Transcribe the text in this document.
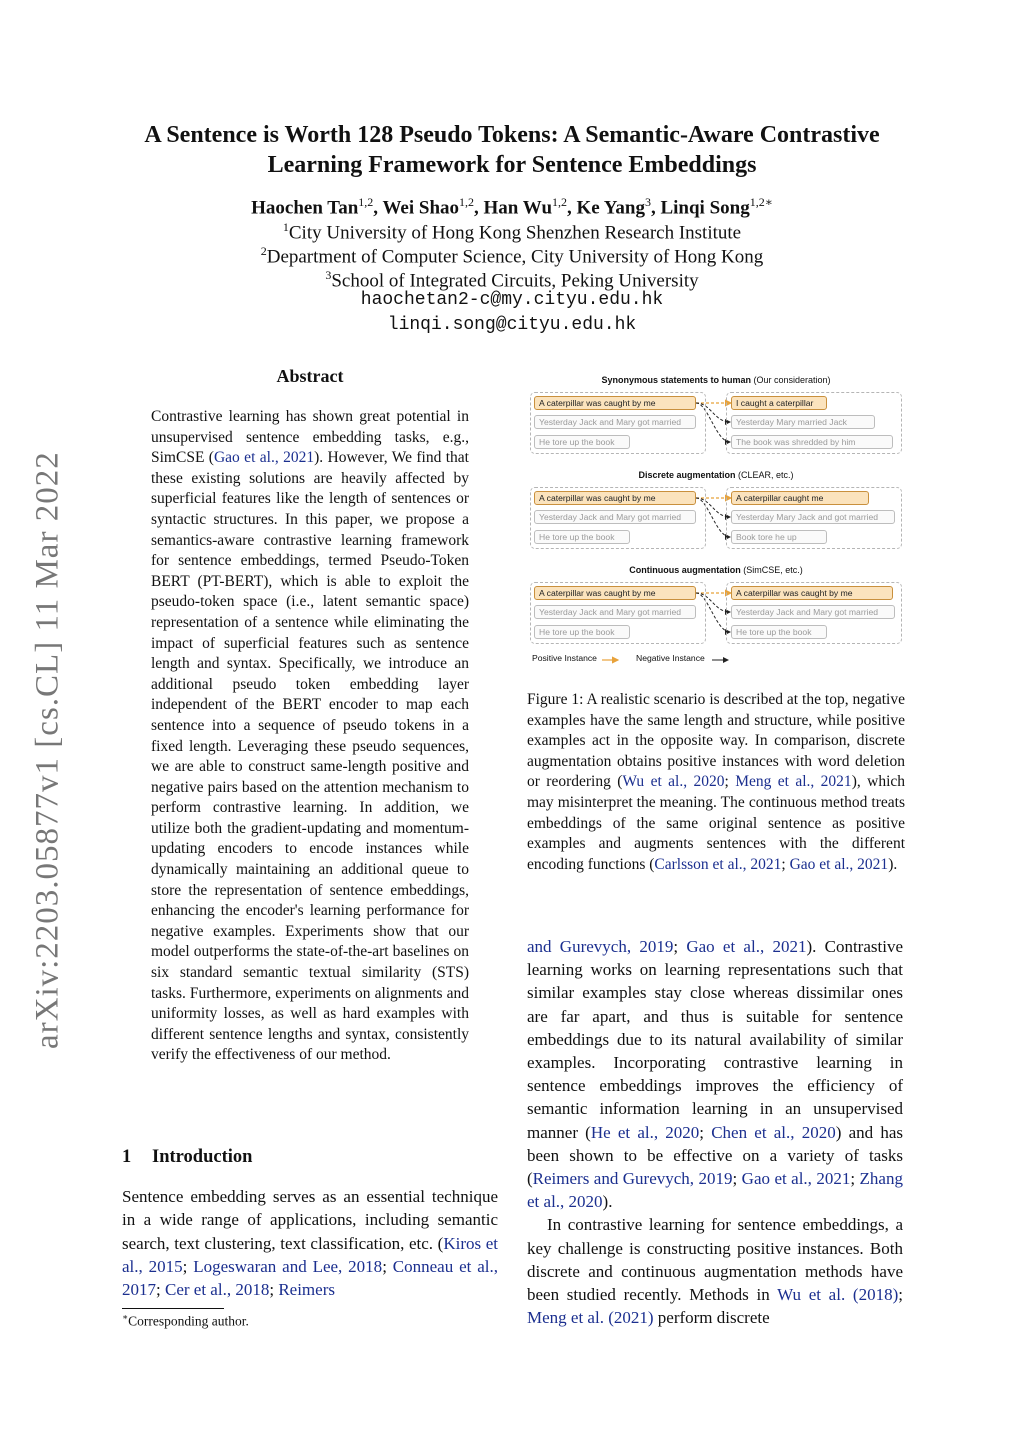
arXiv:2203.05877v1 [cs.CL] 11 Mar 2022
A Sentence is Worth 128 Pseudo Tokens: A Semantic-Aware Contrastive
Learning Framework for Sentence Embeddings
Haochen Tan$^{1,2}$, Wei Shao$^{1,2}$, Han Wu$^{1,2}$, Ke Yang$^3$, Linqi Song$^{1,2∗}$
$^1$City University of Hong Kong Shenzhen Research Institute
$^2$Department of Computer Science, City University of Hong Kong
$^3$School of Integrated Circuits, Peking University
haochetan2-c@my.cityu.edu.hk
linqi.song@cityu.edu.hk
Abstract
Contrastive learning has shown great potential in unsupervised sentence embedding tasks, e.g., SimCSE (Gao et al., 2021). However, We find that these existing solutions are heavily affected by superficial features like the length of sentences or syntactic structures. In this paper, we propose a semantics-aware contrastive learning framework for sentence embeddings, termed Pseudo-Token BERT (PT-BERT), which is able to exploit the pseudo-token space (i.e., latent semantic space) representation of a sentence while eliminating the impact of superficial features such as sentence length and syntax. Specifically, we introduce an additional pseudo token embedding layer independent of the BERT encoder to map each sentence into a sequence of pseudo tokens in a fixed length. Leveraging these pseudo sequences, we are able to construct same-length positive and negative pairs based on the attention mechanism to perform contrastive learning. In addition, we utilize both the gradient-updating and momentum-updating encoders to encode instances while dynamically maintaining an additional queue to store the representation of sentence embeddings, enhancing the encoder's learning performance for negative examples. Experiments show that our model outperforms the state-of-the-art baselines on six standard semantic textual similarity (STS) tasks. Furthermore, experiments on alignments and uniformity losses, as well as hard examples with different sentence lengths and syntax, consistently verify the effectiveness of our method.
1 Introduction
Sentence embedding serves as an essential technique in a wide range of applications, including semantic search, text clustering, text classification, etc. (Kiros et al., 2015; Logeswaran and Lee, 2018; Conneau et al., 2017; Cer et al., 2018; Reimers
∗Corresponding author.
Synonymous statements to human (Our consideration)
A caterpillar was caught by me
Yesterday Jack and Mary got married
He tore up the book
I caught a caterpillar
Yesterday Mary married Jack
The book was shredded by him
Discrete augmentation (CLEAR, etc.)
A caterpillar was caught by me
Yesterday Jack and Mary got married
He tore up the book
A caterpillar caught me
Yesterday Mary Jack and got married
Book tore he up
Continuous augmentation (SimCSE, etc.)
A caterpillar was caught by me
Yesterday Jack and Mary got married
He tore up the book
A caterpillar was caught by me
Yesterday Jack and Mary got married
He tore up the book
Positive Instance	Negative Instance
Figure 1: A realistic scenario is described at the top, negative examples have the same length and structure, while positive examples act in the opposite way. In comparison, discrete augmentation obtains positive instances with word deletion or reordering (Wu et al., 2020; Meng et al., 2021), which may misinterpret the meaning. The continuous method treats embeddings of the same original sentence as positive examples and augments sentences with the different encoding functions (Carlsson et al., 2021; Gao et al., 2021).

and Gurevych, 2019; Gao et al., 2021). Contrastive learning works on learning representations such that similar examples stay close whereas dissimilar ones are far apart, and thus is suitable for sentence embeddings due to its natural availability of similar examples. Incorporating contrastive learning in sentence embeddings improves the efficiency of semantic information learning in an unsupervised manner (He et al., 2020; Chen et al., 2020) and has been shown to be effective on a variety of tasks (Reimers and Gurevych, 2019; Gao et al., 2021; Zhang et al., 2020).

In contrastive learning for sentence embeddings, a key challenge is constructing positive instances. Both discrete and continuous augmentation methods have been studied recently. Methods in Wu et al. (2018); Meng et al. (2021) perform discrete
